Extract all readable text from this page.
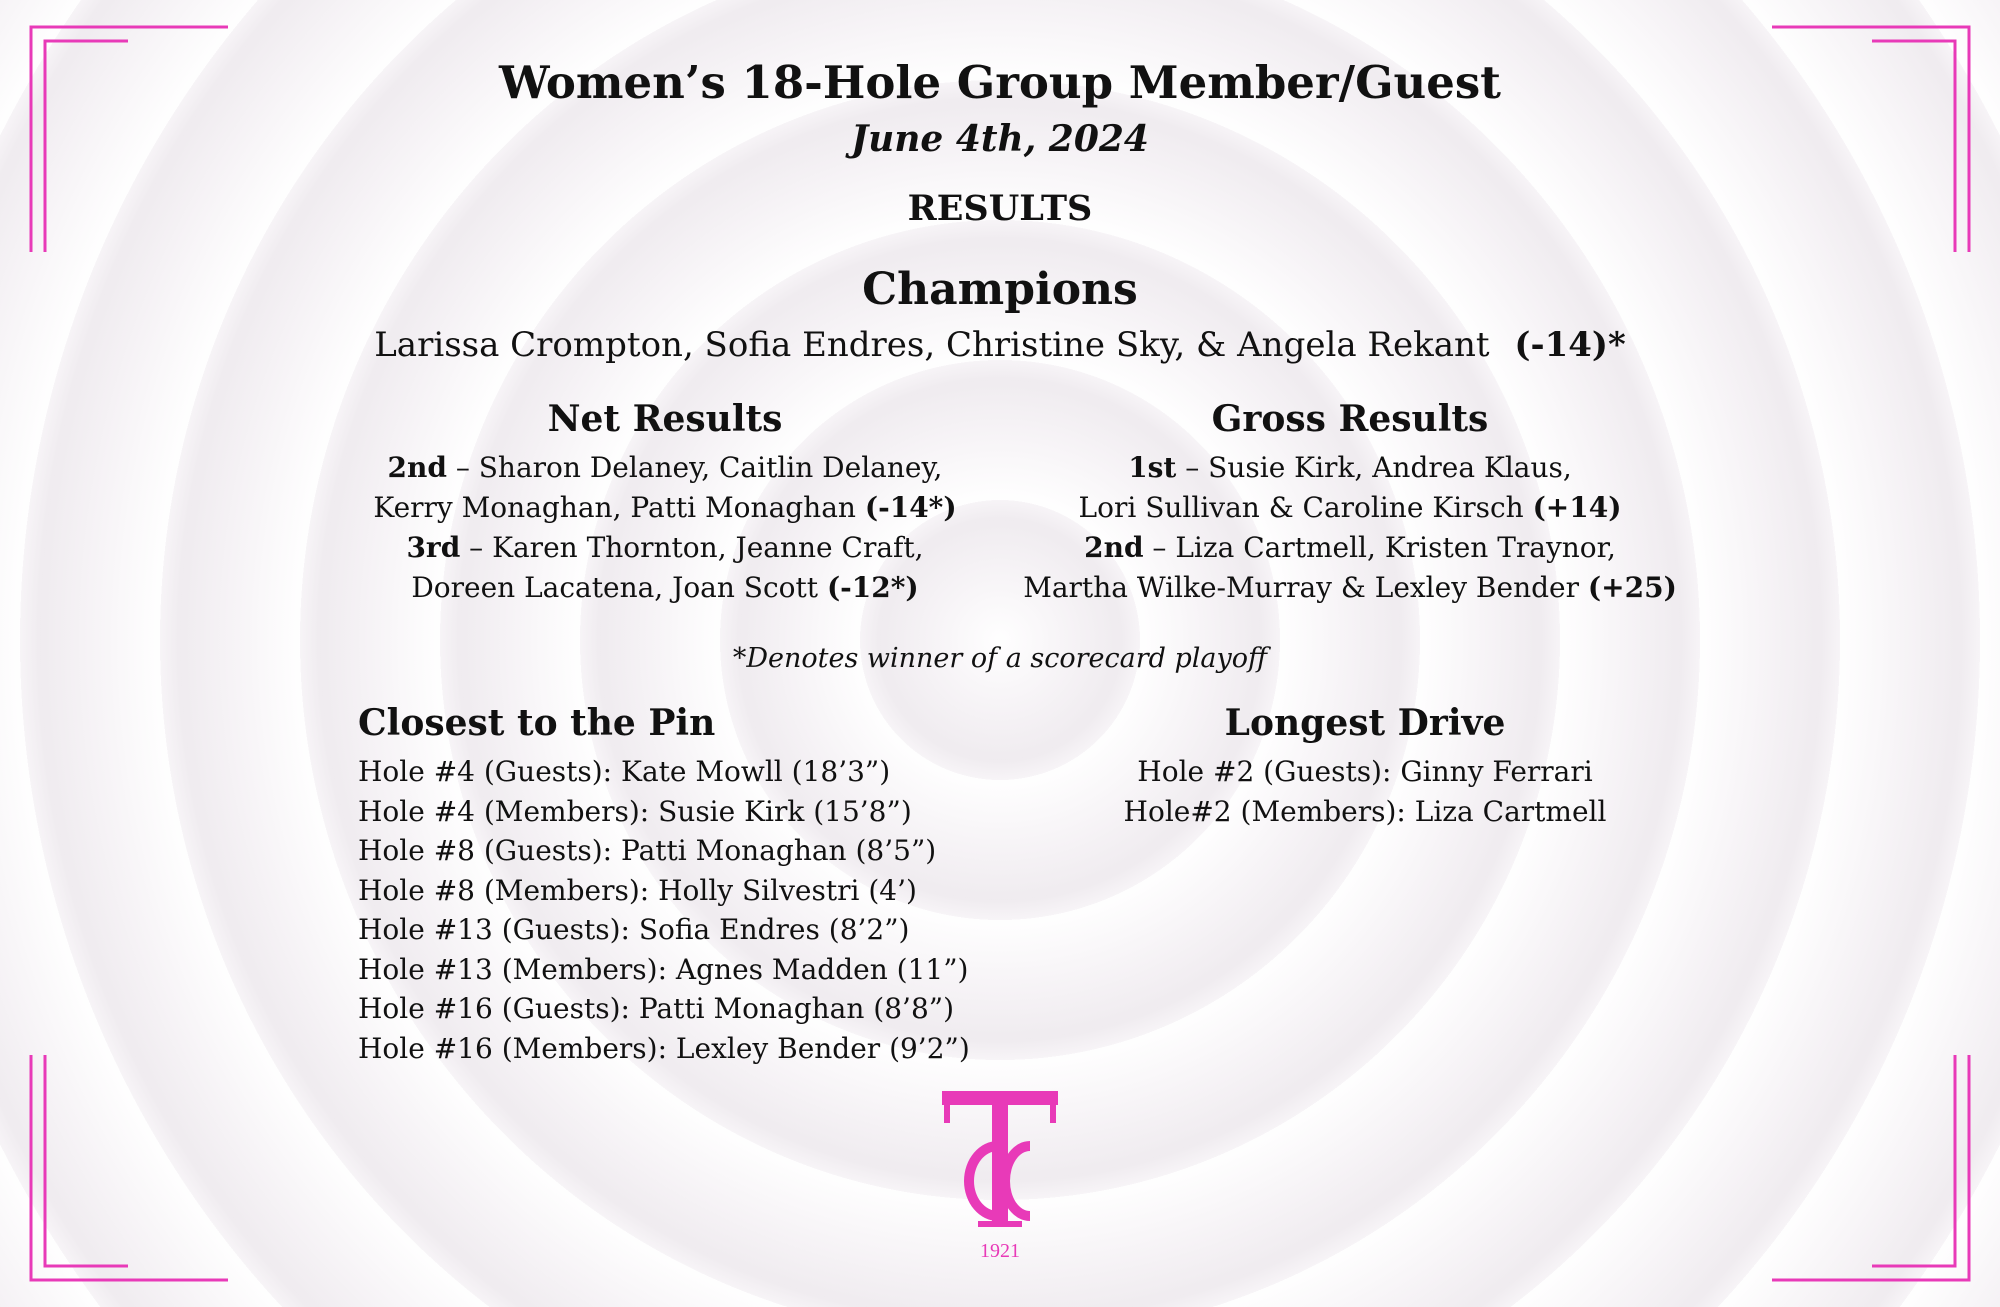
Women’s 18-Hole Group Member/Guest
June 4th, 2024
RESULTS
Champions
Larissa Crompton, Sofia Endres, Christine Sky, & Angela Rekant (-14)*
Net Results
2nd – Sharon Delaney, Caitlin Delaney,
Kerry Monaghan, Patti Monaghan (-14*)
3rd – Karen Thornton, Jeanne Craft,
Doreen Lacatena, Joan Scott (-12*)
Gross Results
1st – Susie Kirk, Andrea Klaus,
Lori Sullivan & Caroline Kirsch (+14)
2nd – Liza Cartmell, Kristen Traynor,
Martha Wilke-Murray & Lexley Bender (+25)
*Denotes winner of a scorecard playoff
Closest to the Pin
Hole #4 (Guests): Kate Mowll (18’3”)
Hole #4 (Members): Susie Kirk (15’8”)
Hole #8 (Guests): Patti Monaghan (8’5”)
Hole #8 (Members): Holly Silvestri (4’)
Hole #13 (Guests): Sofia Endres (8’2”)
Hole #13 (Members): Agnes Madden (11”)
Hole #16 (Guests): Patti Monaghan (8’8”)
Hole #16 (Members): Lexley Bender (9’2”)
Longest Drive
Hole #2 (Guests): Ginny Ferrari
Hole#2 (Members): Liza Cartmell
1921
